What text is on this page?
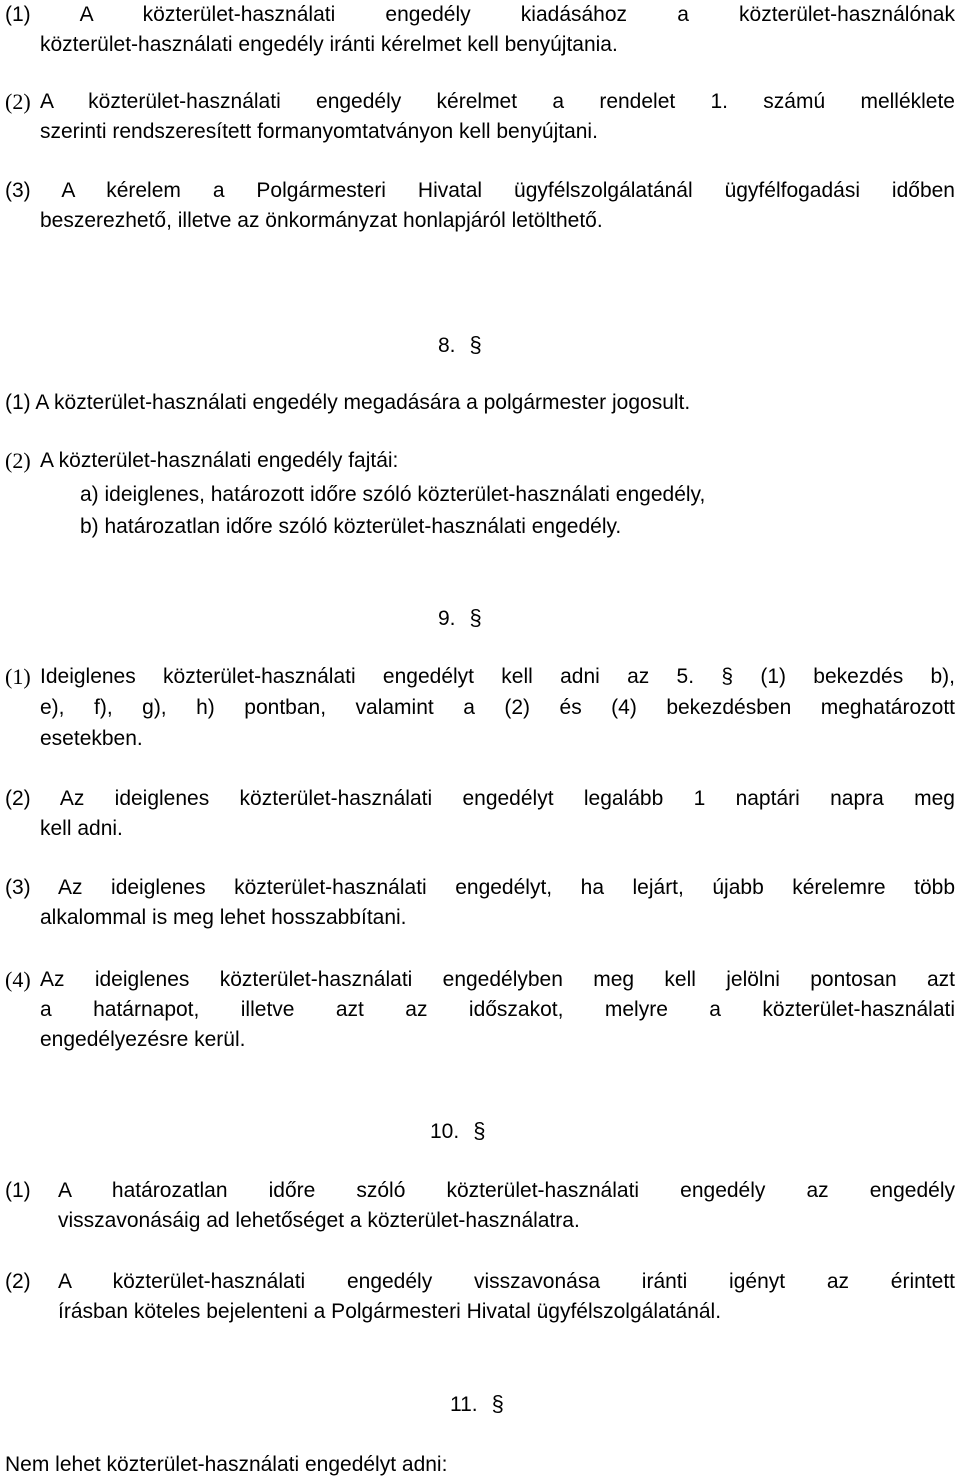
(1) A közterület-használati engedély kiadásához a közterület-használónak
közterület-használati engedély iránti kérelmet kell benyújtania.
A közterület-használati engedély kérelmet a rendelet 1. számú melléklete
(2)
szerinti rendszeresített formanyomtatványon kell benyújtani.
(3) A kérelem a Polgármesteri Hivatal ügyfélszolgálatánál ügyfélfogadási időben
beszerezhető, illetve az önkormányzat honlapjáról letölthető.
8. §
(1) A közterület-használati engedély megadására a polgármester jogosult.
(2) A közterület-használati engedély fajtái:
a) ideiglenes, határozott időre szóló közterület-használati engedély,
b) határozatlan időre szóló közterület-használati engedély.
9. §
(1) Ideiglenes közterület-használati engedélyt kell adni az 5. § (1) bekezdés b),
e), f), g), h) pontban, valamint a (2) és (4) bekezdésben meghatározott
esetekben.
(2) Az ideiglenes közterület-használati engedélyt legalább 1 naptári napra meg
kell adni.
(3) Az ideiglenes közterület-használati engedélyt, ha lejárt, újabb kérelemre több
alkalommal is meg lehet hosszabbítani.
(4) Az ideiglenes közterület-használati engedélyben meg kell jelölni pontosan azt
a határnapot, illetve azt az időszakot, melyre a közterület-használati
engedélyezésre kerül.
10. §
(1)	A határozatlan időre szóló közterület-használati engedély az engedély
visszavonásáig ad lehetőséget a közterület-használatra.
(2)	A közterület-használati engedély visszavonása iránti igényt az érintett
írásban köteles bejelenteni a Polgármesteri Hivatal ügyfélszolgálatánál.
11. §
Nem lehet közterület-használati engedélyt adni:
